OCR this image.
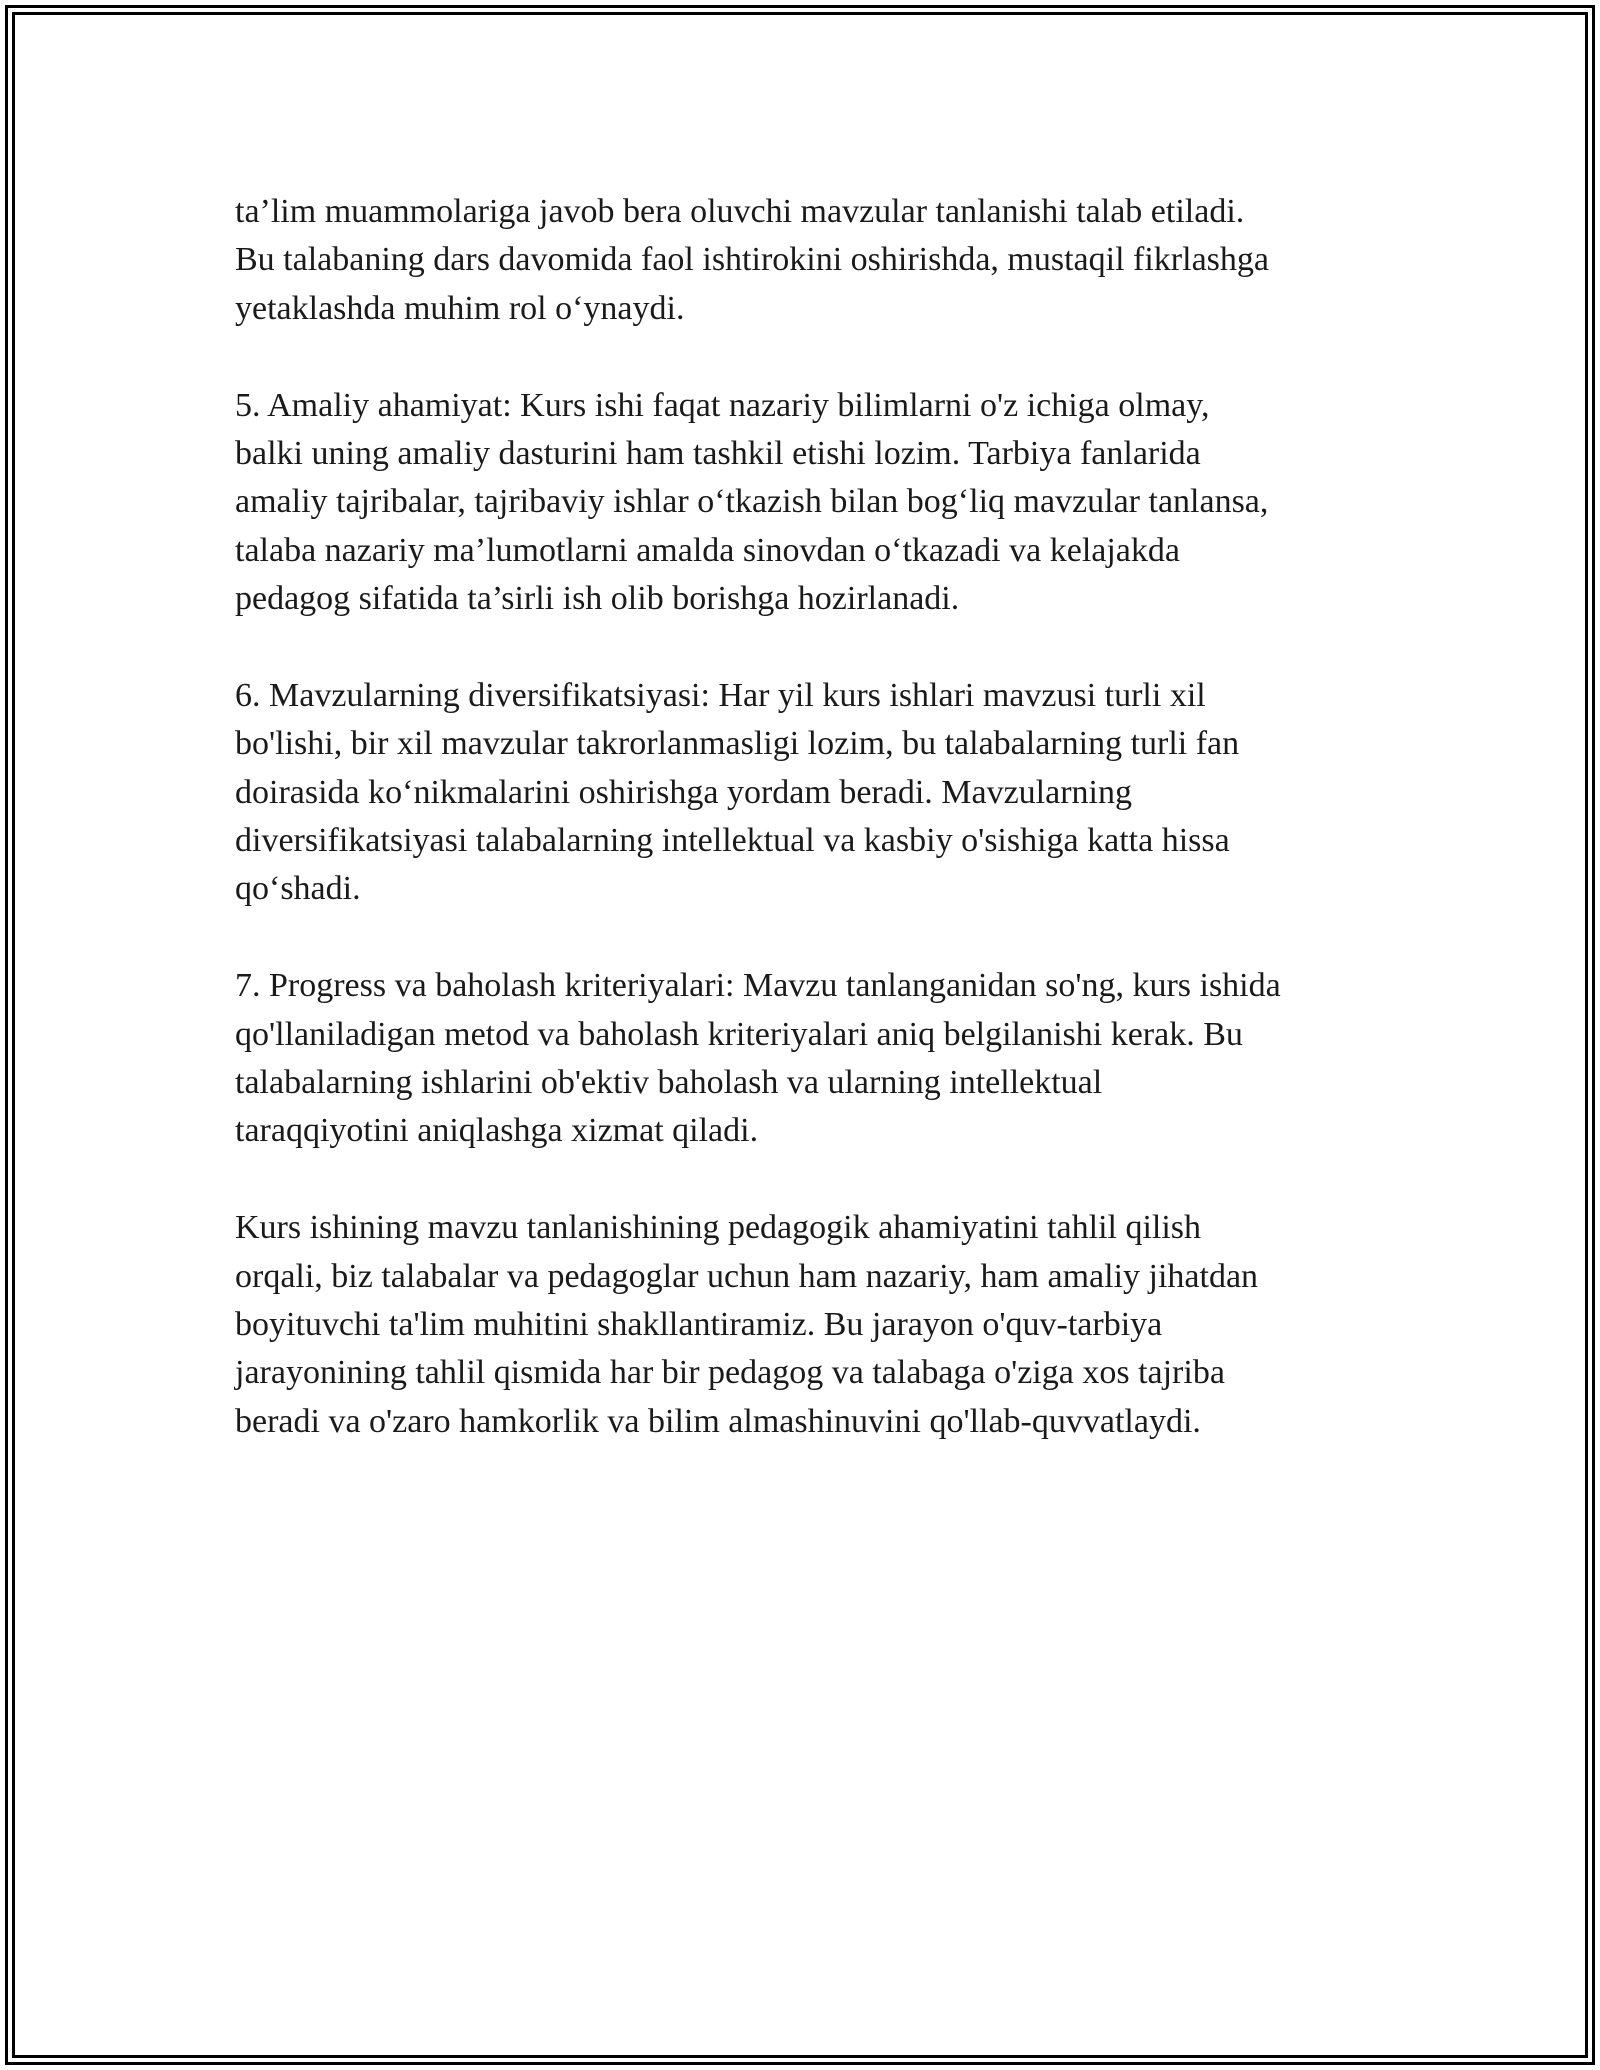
ta’lim muammolariga javob bera oluvchi mavzular tanlanishi talab etiladi.
Bu talabaning dars davomida faol ishtirokini oshirishda, mustaqil fikrlashga
yetaklashda muhim rol o‘ynaydi.
5. Amaliy ahamiyat: Kurs ishi faqat nazariy bilimlarni o'z ichiga olmay,
balki uning amaliy dasturini ham tashkil etishi lozim. Tarbiya fanlarida
amaliy tajribalar, tajribaviy ishlar o‘tkazish bilan bog‘liq mavzular tanlansa,
talaba nazariy ma’lumotlarni amalda sinovdan o‘tkazadi va kelajakda
pedagog sifatida ta’sirli ish olib borishga hozirlanadi.
6. Mavzularning diversifikatsiyasi: Har yil kurs ishlari mavzusi turli xil
bo'lishi, bir xil mavzular takrorlanmasligi lozim, bu talabalarning turli fan
doirasida ko‘nikmalarini oshirishga yordam beradi. Mavzularning
diversifikatsiyasi talabalarning intellektual va kasbiy o'sishiga katta hissa
qo‘shadi.
7. Progress va baholash kriteriyalari: Mavzu tanlanganidan so'ng, kurs ishida
qo'llaniladigan metod va baholash kriteriyalari aniq belgilanishi kerak. Bu
talabalarning ishlarini ob'ektiv baholash va ularning intellektual
taraqqiyotini aniqlashga xizmat qiladi.
Kurs ishining mavzu tanlanishining pedagogik ahamiyatini tahlil qilish
orqali, biz talabalar va pedagoglar uchun ham nazariy, ham amaliy jihatdan
boyituvchi ta'lim muhitini shakllantiramiz. Bu jarayon o'quv-tarbiya
jarayonining tahlil qismida har bir pedagog va talabaga o'ziga xos tajriba
beradi va o'zaro hamkorlik va bilim almashinuvini qo'llab-quvvatlaydi.
